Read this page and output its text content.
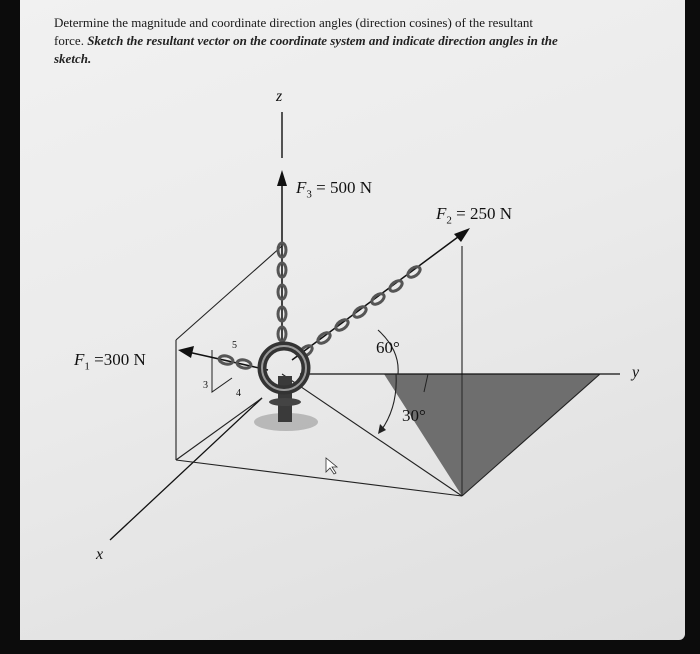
Determine the magnitude and coordinate direction angles (direction cosines) of the resultant
force. Sketch the resultant vector on the coordinate system and indicate direction angles in the
sketch.
z
x
y
$F_3 = 500$ N
$F_2 = 250$ N
$F_1 =300$ N
5
3
4
60°
30°
